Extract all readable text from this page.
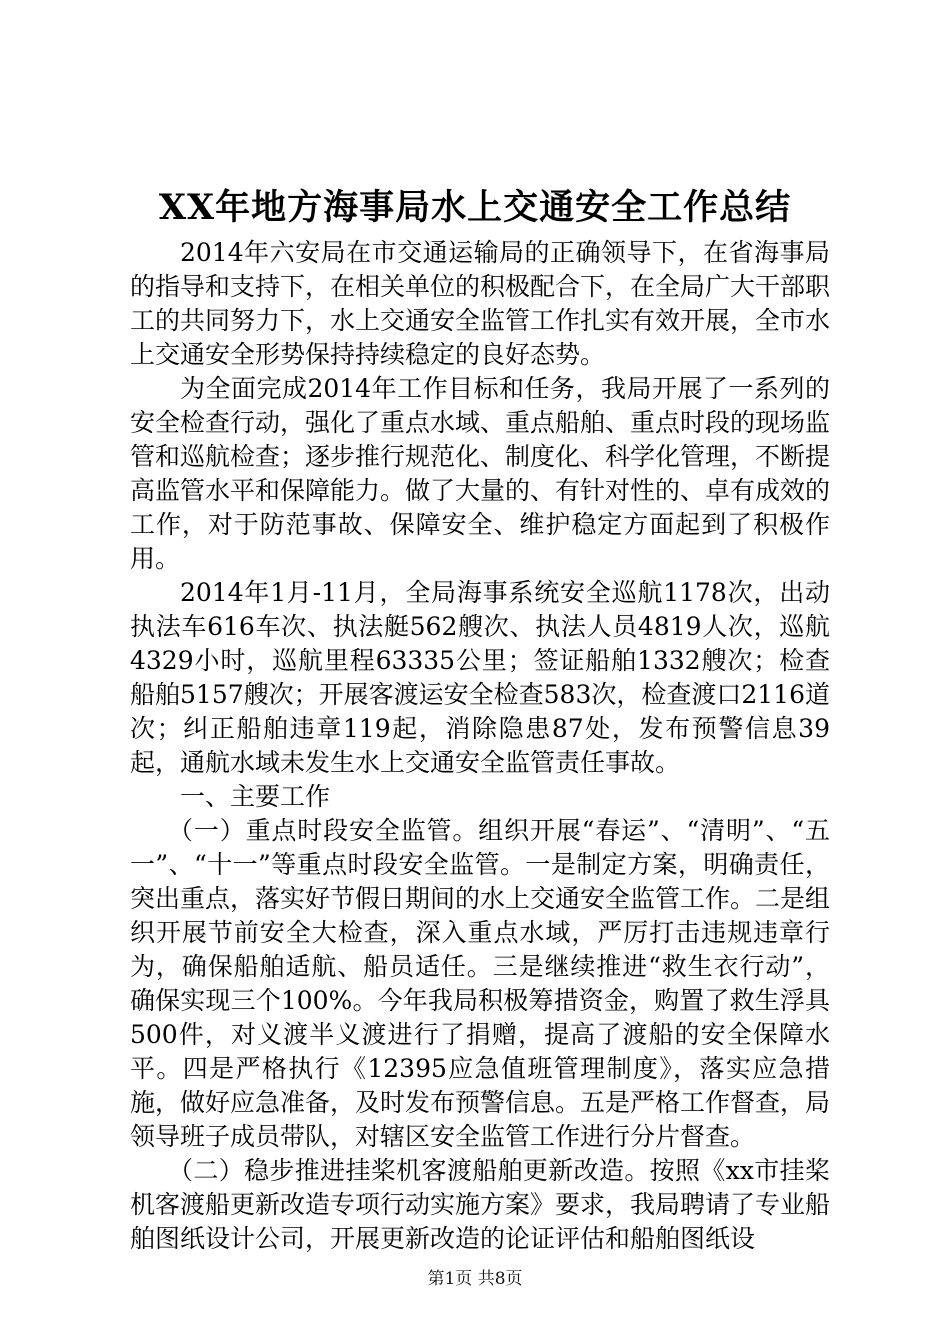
XX年地方海事局水上交通安全工作总结

2014年六安局在市交通运输局的正确领导下，在省海事局的指导和支持下，在相关单位的积极配合下，在全局广大干部职工的共同努力下，水上交通安全监管工作扎实有效开展，全市水上交通安全形势保持持续稳定的良好态势。

为全面完成2014年工作目标和任务，我局开展了一系列的安全检查行动，强化了重点水域、重点船舶、重点时段的现场监管和巡航检查；逐步推行规范化、制度化、科学化管理，不断提高监管水平和保障能力。做了大量的、有针对性的、卓有成效的工作，对于防范事故、保障安全、维护稳定方面起到了积极作用。

2014年1月-11月，全局海事系统安全巡航1178次，出动执法车616车次、执法艇562艘次、执法人员4819人次，巡航4329小时，巡航里程63335公里；签证船舶1332艘次；检查船舶5157艘次；开展客渡运安全检查583次，检查渡口2116道次；纠正船舶违章119起，消除隐患87处，发布预警信息39起，通航水域未发生水上交通安全监管责任事故。

一、主要工作

（一）重点时段安全监管。组织开展“春运”、“清明”、“五一”、“十一”等重点时段安全监管。一是制定方案，明确责任，突出重点，落实好节假日期间的水上交通安全监管工作。二是组织开展节前安全大检查，深入重点水域，严厉打击违规违章行为，确保船舶适航、船员适任。三是继续推进“救生衣行动”，确保实现三个100%。今年我局积极筹措资金，购置了救生浮具500件，对义渡半义渡进行了捐赠，提高了渡船的安全保障水平。四是严格执行《12395应急值班管理制度》，落实应急措施，做好应急准备，及时发布预警信息。五是严格工作督查，局领导班子成员带队，对辖区安全监管工作进行分片督查。

（二）稳步推进挂桨机客渡船舶更新改造。按照《xx市挂桨机客渡船更新改造专项行动实施方案》要求，我局聘请了专业船舶图纸设计公司，开展更新改造的论证评估和船舶图纸设

第1页 共8页
